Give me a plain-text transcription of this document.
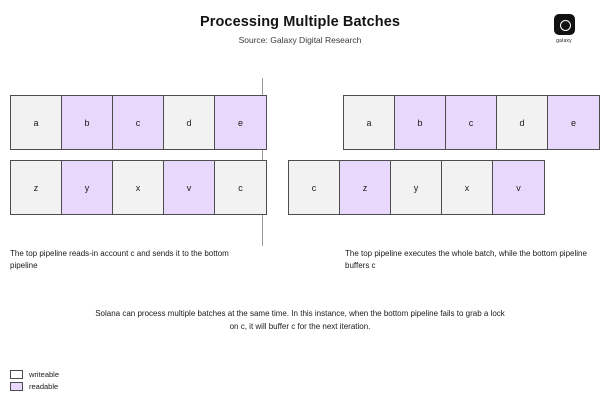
Processing Multiple Batches
Source: Galaxy Digital Research	galaxy
a	b	c	d	e
z	y	x	v	c
a	b	c	d	e
c	z	y	x	v
The top pipeline reads-in account c and sends it to the bottom pipeline
The top pipeline executes the whole batch, while the bottom pipeline buffers c
Solana can process multiple batches at the same time. In this instance, when the bottom pipeline fails to grab a lock on c, it will buffer c for the next iteration.
writeable
readable
